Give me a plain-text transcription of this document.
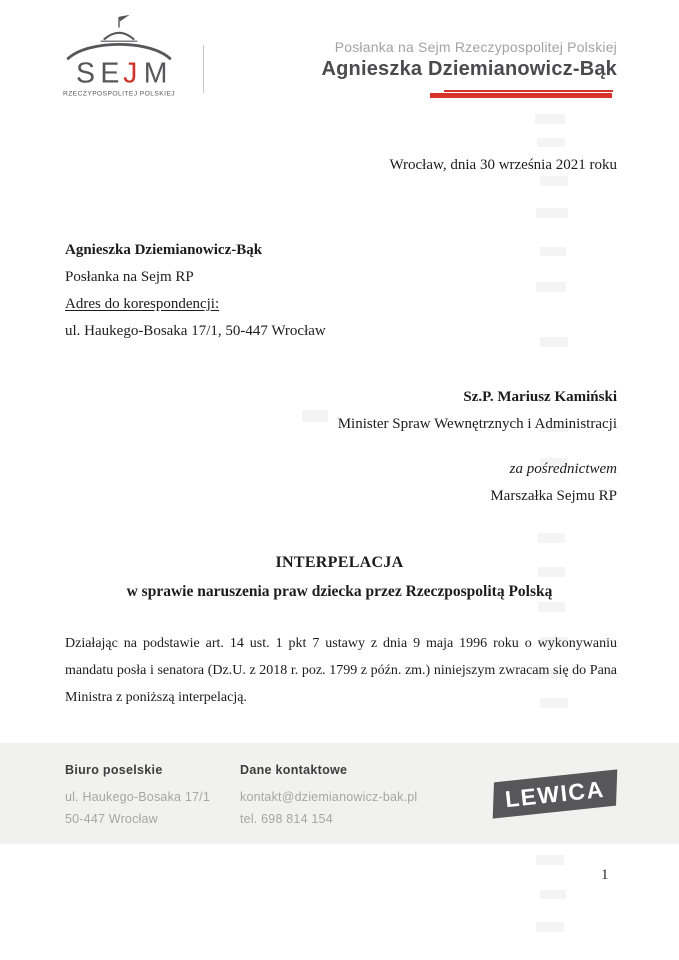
S E J M
RZECZYPOSPOLITEJ POLSKIEJ
Posłanka na Sejm Rzeczypospolitej Polskiej
Agnieszka Dziemianowicz-Bąk
Wrocław, dnia 30 września 2021 roku
Agnieszka Dziemianowicz-Bąk
Posłanka na Sejm RP
Adres do korespondencji:
ul. Haukego-Bosaka 17/1, 50-447 Wrocław
Sz.P. Mariusz Kamiński
Minister Spraw Wewnętrznych i Administracji
za pośrednictwem
Marszałka Sejmu RP
INTERPELACJA
w sprawie naruszenia praw dziecka przez Rzeczpospolitą Polską
Działając na podstawie art. 14 ust. 1 pkt 7 ustawy z dnia 9 maja 1996 roku o wykonywaniu
mandatu posła i senatora (Dz.U. z 2018 r. poz. 1799 z późn. zm.) niniejszym zwracam się do Pana
Ministra z poniższą interpelacją.
Biuro poselskie
ul. Haukego-Bosaka 17/1
50-447 Wrocław
Dane kontaktowe
kontakt@dziemianowicz-bak.pl
tel. 698 814 154
LEWICA
1
